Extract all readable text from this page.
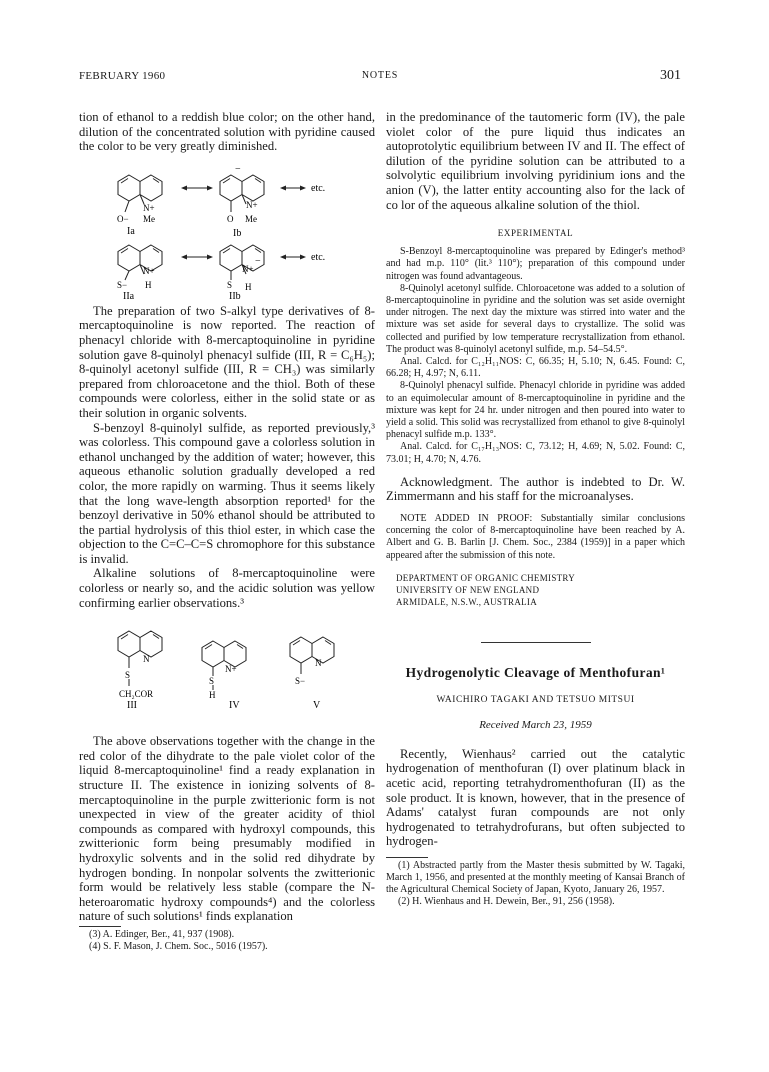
FEBRUARY 1960	NOTES	301

tion of ethanol to a reddish blue color; on the other hand, dilution of the concentrated solution with pyridine caused the color to be very greatly diminished.

N+
O− Me
Ia
−
N+
O Me
Ib
etc.
N+
S− H
IIa
−
N+
S H
IIb
etc.

The preparation of two S-alkyl type derivatives of 8-mercaptoquinoline is now reported. The reaction of phenacyl chloride with 8-mercaptoquinoline in pyridine solution gave 8-quinolyl phenacyl sulfide (III, R = C₆H₅); 8-quinolyl acetonyl sulfide (III, R = CH₃) was similarly prepared from chloroacetone and the thiol. Both of these compounds were colorless, either in the solid state or as their solution in organic solvents.

S-benzoyl 8-quinolyl sulfide, as reported previously,³ was colorless. This compound gave a colorless solution in ethanol unchanged by the addition of water; however, this aqueous ethanolic solution gradually developed a red color, the more rapidly on warming. Thus it seems likely that the long wave-length absorption reported¹ for the benzoyl derivative in 50% ethanol should be attributed to the partial hydrolysis of this thiol ester, in which case the objection to the C=C–C=S chromophore for this substance is invalid.

Alkaline solutions of 8-mercaptoquinoline were colorless or nearly so, and the acidic solution was yellow confirming earlier observations.³

N
S
CH₂COR
III
N+
S
H
IV
N
S−
V

The above observations together with the change in the red color of the dihydrate to the pale violet color of the liquid 8-mercaptoquinoline¹ find a ready explanation in structure II. The existence in ionizing solvents of 8-mercaptoquinoline in the purple zwitterionic form is not unexpected in view of the greater acidity of thiol compounds as compared with hydroxyl compounds, this zwitterionic form being presumably modified in hydroxylic solvents and in the solid red dihydrate by hydrogen bonding. In nonpolar solvents the zwitterionic form would be relatively less stable (compare the N-heteroaromatic hydroxy compounds⁴) and the colorless nature of such solutions¹ finds explanation

(3) A. Edinger, Ber., 41, 937 (1908).
(4) S. F. Mason, J. Chem. Soc., 5016 (1957).

in the predominance of the tautomeric form (IV), the pale violet color of the pure liquid thus indicates an autoprotolytic equilibrium between IV and II. The effect of dilution of the pyridine solution can be attributed to a solvolytic equilibrium involving pyridinium ions and the anion (V), the latter entity accounting also for the lack of co lor of the aqueous alkaline solution of the thiol.

EXPERIMENTAL

S-Benzoyl 8-mercaptoquinoline was prepared by Edinger's method³ and had m.p. 110° (lit.³ 110°); preparation of this compound under nitrogen was found advantageous.

8-Quinolyl acetonyl sulfide. Chloroacetone was added to a solution of 8-mercaptoquinoline in pyridine and the solution was set aside overnight under nitrogen. The next day the mixture was stirred into water and the mixture was set aside for several days to crystallize. The solid was collected and purified by low temperature recrystallization from ethanol. The product was 8-quinolyl acetonyl sulfide, m.p. 54–54.5°.

Anal. Calcd. for C₁₂H₁₁NOS: C, 66.35; H, 5.10; N, 6.45. Found: C, 66.28; H, 4.97; N, 6.11.

8-Quinolyl phenacyl sulfide. Phenacyl chloride in pyridine was added to an equimolecular amount of 8-mercaptoquinoline in pyridine and the mixture was kept for 24 hr. under nitrogen and then poured into water to yield a solid. This solid was recrystallized from ethanol to give 8-quinolyl phenacyl sulfide m.p. 133°.

Anal. Calcd. for C₁₇H₁₃NOS: C, 73.12; H, 4.69; N, 5.02. Found: C, 73.01; H, 4.70; N, 4.76.

Acknowledgment. The author is indebted to Dr. W. Zimmermann and his staff for the microanalyses.

NOTE ADDED IN PROOF: Substantially similar conclusions concerning the color of 8-mercaptoquinoline have been reached by A. Albert and G. B. Barlin [J. Chem. Soc., 2384 (1959)] in a paper which appeared after the submission of this note.

DEPARTMENT OF ORGANIC CHEMISTRY
UNIVERSITY OF NEW ENGLAND
ARMIDALE, N.S.W., AUSTRALIA
Hydrogenolytic Cleavage of Menthofuran¹
WAICHIRO TAGAKI AND TETSUO MITSUI
Received March 23, 1959

Recently, Wienhaus² carried out the catalytic hydrogenation of menthofuran (I) over platinum black in acetic acid, reporting tetrahydromenthofuran (II) as the sole product. It is known, however, that in the presence of Adams' catalyst furan compounds are not only hydrogenated to tetrahydrofurans, but often subjected to hydrogen-

(1) Abstracted partly from the Master thesis submitted by W. Tagaki, March 1, 1956, and presented at the monthly meeting of Kansai Branch of the Agricultural Chemical Society of Japan, Kyoto, January 26, 1957.
(2) H. Wienhaus and H. Dewein, Ber., 91, 256 (1958).
